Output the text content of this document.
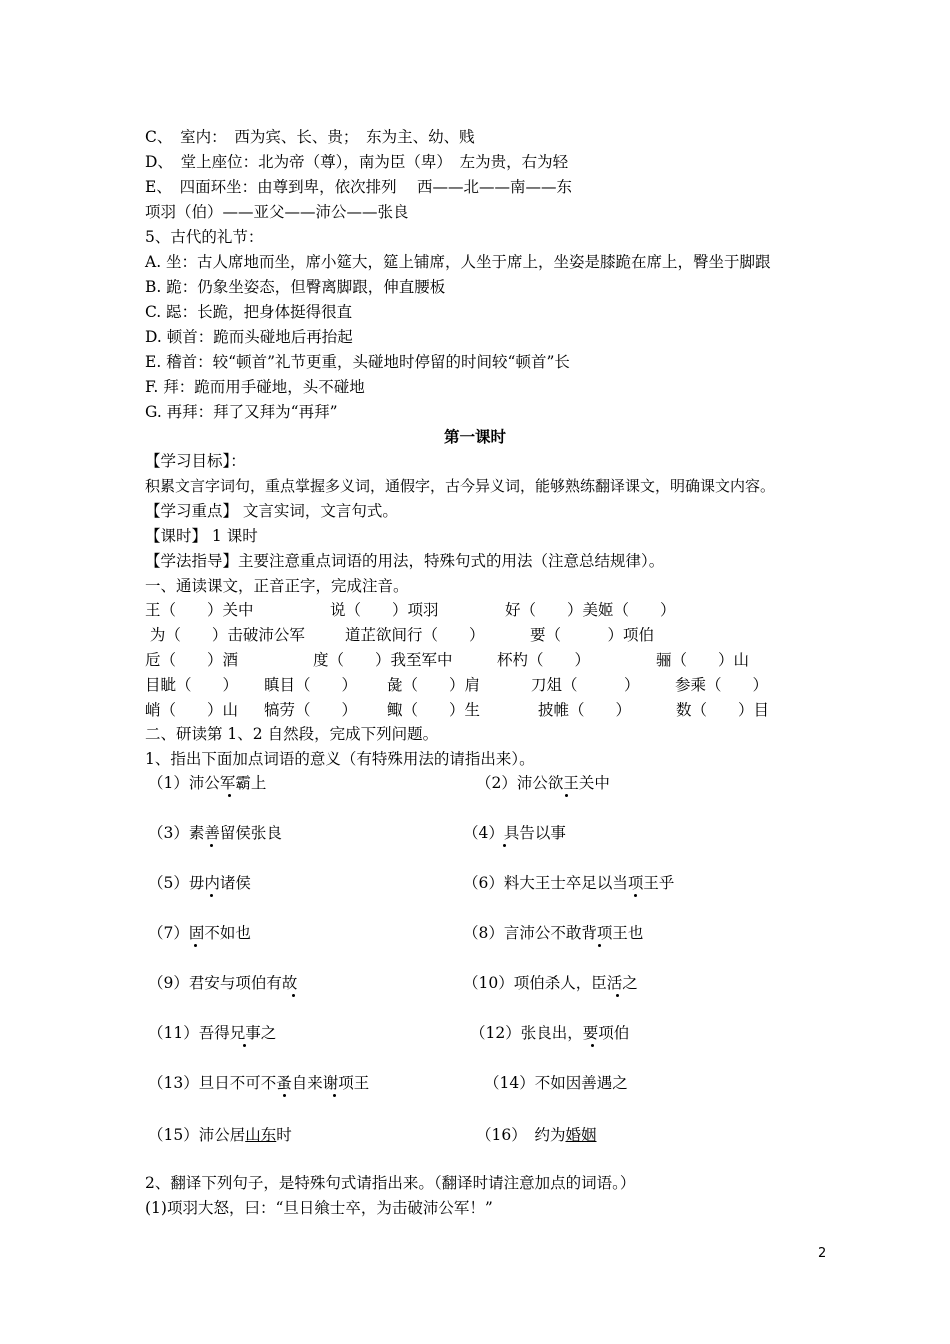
C、　室内：　西为宾、长、贵；　东为主、幼、贱
D、　堂上座位：北为帝（尊），南为臣（卑）　左为贵，右为轻
E、　四面环坐：由尊到卑，依次排列　 西——北——南——东
项羽（伯）——亚父——沛公——张良
5、古代的礼节：
A. 坐：古人席地而坐，席小筵大，筵上铺席，人坐于席上，坐姿是膝跪在席上，臀坐于脚跟
B. 跪：仍象坐姿态，但臀离脚跟，伸直腰板
C. 跽：长跪，把身体挺得很直
D. 顿首：跪而头碰地后再抬起
E. 稽首：较“顿首”礼节更重，头碰地时停留的时间较“顿首”长
F. 拜：跪而用手碰地，头不碰地
G. 再拜：拜了又拜为“再拜”
第一课时
【学习目标】：
积累文言字词句，重点掌握多义词，通假字，古今异义词，能够熟练翻译课文，明确课文内容。
【学习重点】 文言实词，文言句式。
【课时】 1 课时
【学法指导】主要注意重点词语的用法，特殊句式的用法（注意总结规律）。
一、通读课文，正音正字，完成注音。
王（　　）关中	说（　　）项羽	好（　　）美姬（　　）
为（　　）击破沛公军	道芷欲间行（　　）	要（　　　）项伯
卮（　　）酒	度（　　）我至军中	杯杓（　　）	骊（　　）山
目眦（　　） 瞋目（　　） 彘（　　）肩	刀俎（　　　） 参乘（　　）
峭（　　）山 犒劳（　　） 鲰（　　）生	披帷（　　）	数（　　）目
二、研读第 1、2 自然段，完成下列问题。
1、指出下面加点词语的意义（有特殊用法的请指出来）。
（1）沛公军霸上	（2）沛公欲王关中
（3）素善留侯张良	（4）具告以事
（5）毋内诸侯	（6）料大王士卒足以当项王乎
（7）固不如也	（8）言沛公不敢背项王也
（9）君安与项伯有故	（10）项伯杀人，臣活之
（11）吾得兄事之	（12）张良出，要项伯
（13）旦日不可不蚤自来谢项王	（14）不如因善遇之
（15）沛公居山东时	（16）　约为婚姻
2、翻译下列句子，是特殊句式请指出来。（翻译时请注意加点的词语。）
(1)项羽大怒，曰：“旦日飨士卒，为击破沛公军！”
2
